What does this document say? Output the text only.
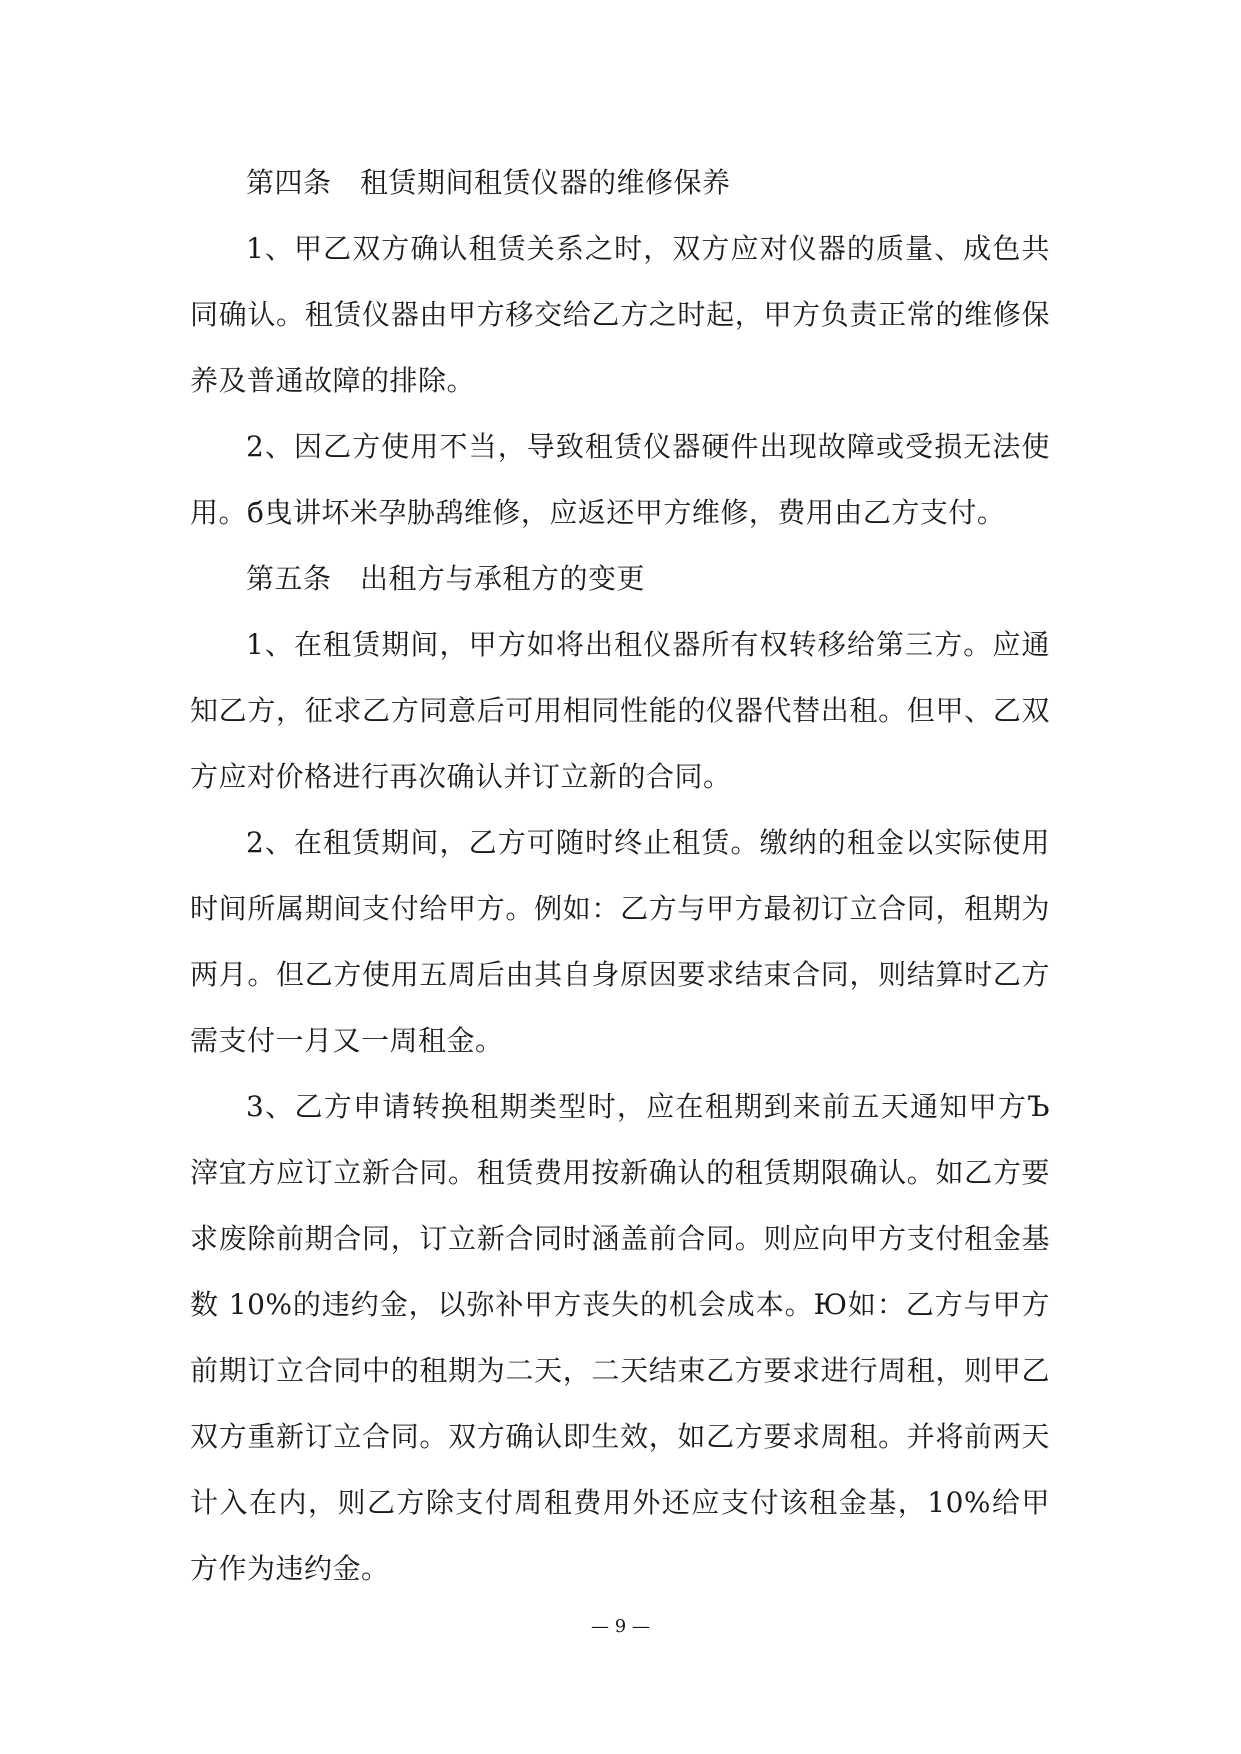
第四条　租赁期间租赁仪器的维修保养

1、甲乙双方确认租赁关系之时，双方应对仪器的质量、成色共同确认。租赁仪器由甲方移交给乙方之时起，甲方负责正常的维修保养及普通故障的排除。

2、因乙方使用不当，导致租赁仪器硬件出现故障或受损无法使用。б曳讲坏米孕胁鸹维修，应返还甲方维修，费用由乙方支付。

第五条　出租方与承租方的变更

1、在租赁期间，甲方如将出租仪器所有权转移给第三方。应通知乙方，征求乙方同意后可用相同性能的仪器代替出租。但甲、乙双方应对价格进行再次确认并订立新的合同。

2、在租赁期间，乙方可随时终止租赁。缴纳的租金以实际使用时间所属期间支付给甲方。例如：乙方与甲方最初订立合同，租期为两月。但乙方使用五周后由其自身原因要求结束合同，则结算时乙方需支付一月又一周租金。

3、乙方申请转换租期类型时，应在租期到来前五天通知甲方Ъ滓宜方应订立新合同。租赁费用按新确认的租赁期限确认。如乙方要求废除前期合同，订立新合同时涵盖前合同。则应向甲方支付租金基数 10%的违约金，以弥补甲方丧失的机会成本。Ю如：乙方与甲方前期订立合同中的租期为二天，二天结束乙方要求进行周租，则甲乙双方重新订立合同。双方确认即生效，如乙方要求周租。并将前两天计入在内，则乙方除支付周租费用外还应支付该租金基，10%给甲方作为违约金。

— 9 —
